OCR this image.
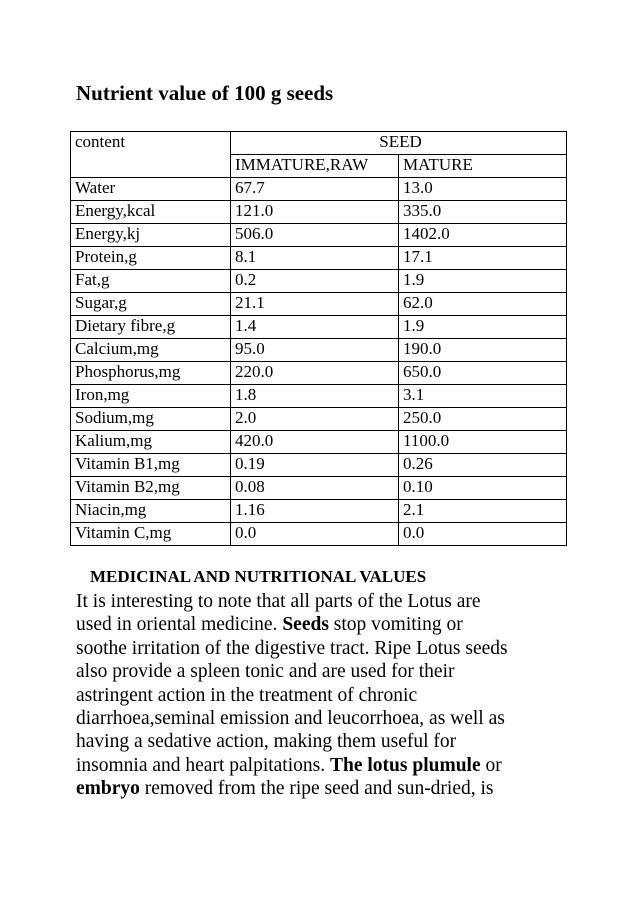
Nutrient value of 100 g seeds
content	SEED	
	IMMATURE,RAW	MATURE
Water	67.7	13.0
Energy,kcal	121.0	335.0
Energy,kj	506.0	1402.0
Protein,g	8.1	17.1
Fat,g	0.2	1.9
Sugar,g	21.1	62.0
Dietary fibre,g	1.4	1.9
Calcium,mg	95.0	190.0
Phosphorus,mg	220.0	650.0
Iron,mg	1.8	3.1
Sodium,mg	2.0	250.0
Kalium,mg	420.0	1100.0
Vitamin B1,mg	0.19	0.26
Vitamin B2,mg	0.08	0.10
Niacin,mg	1.16	2.1
Vitamin C,mg	0.0	0.0
MEDICINAL AND NUTRITIONAL VALUES

It is interesting to note that all parts of the Lotus are

used in oriental medicine. Seeds stop vomiting or

soothe irritation of the digestive tract. Ripe Lotus seeds

also provide a spleen tonic and are used for their

astringent action in the treatment of chronic

diarrhoea,seminal emission and leucorrhoea, as well as

having a sedative action, making them useful for

insomnia and heart palpitations. The lotus plumule or

embryo removed from the ripe seed and sun-dried, is
